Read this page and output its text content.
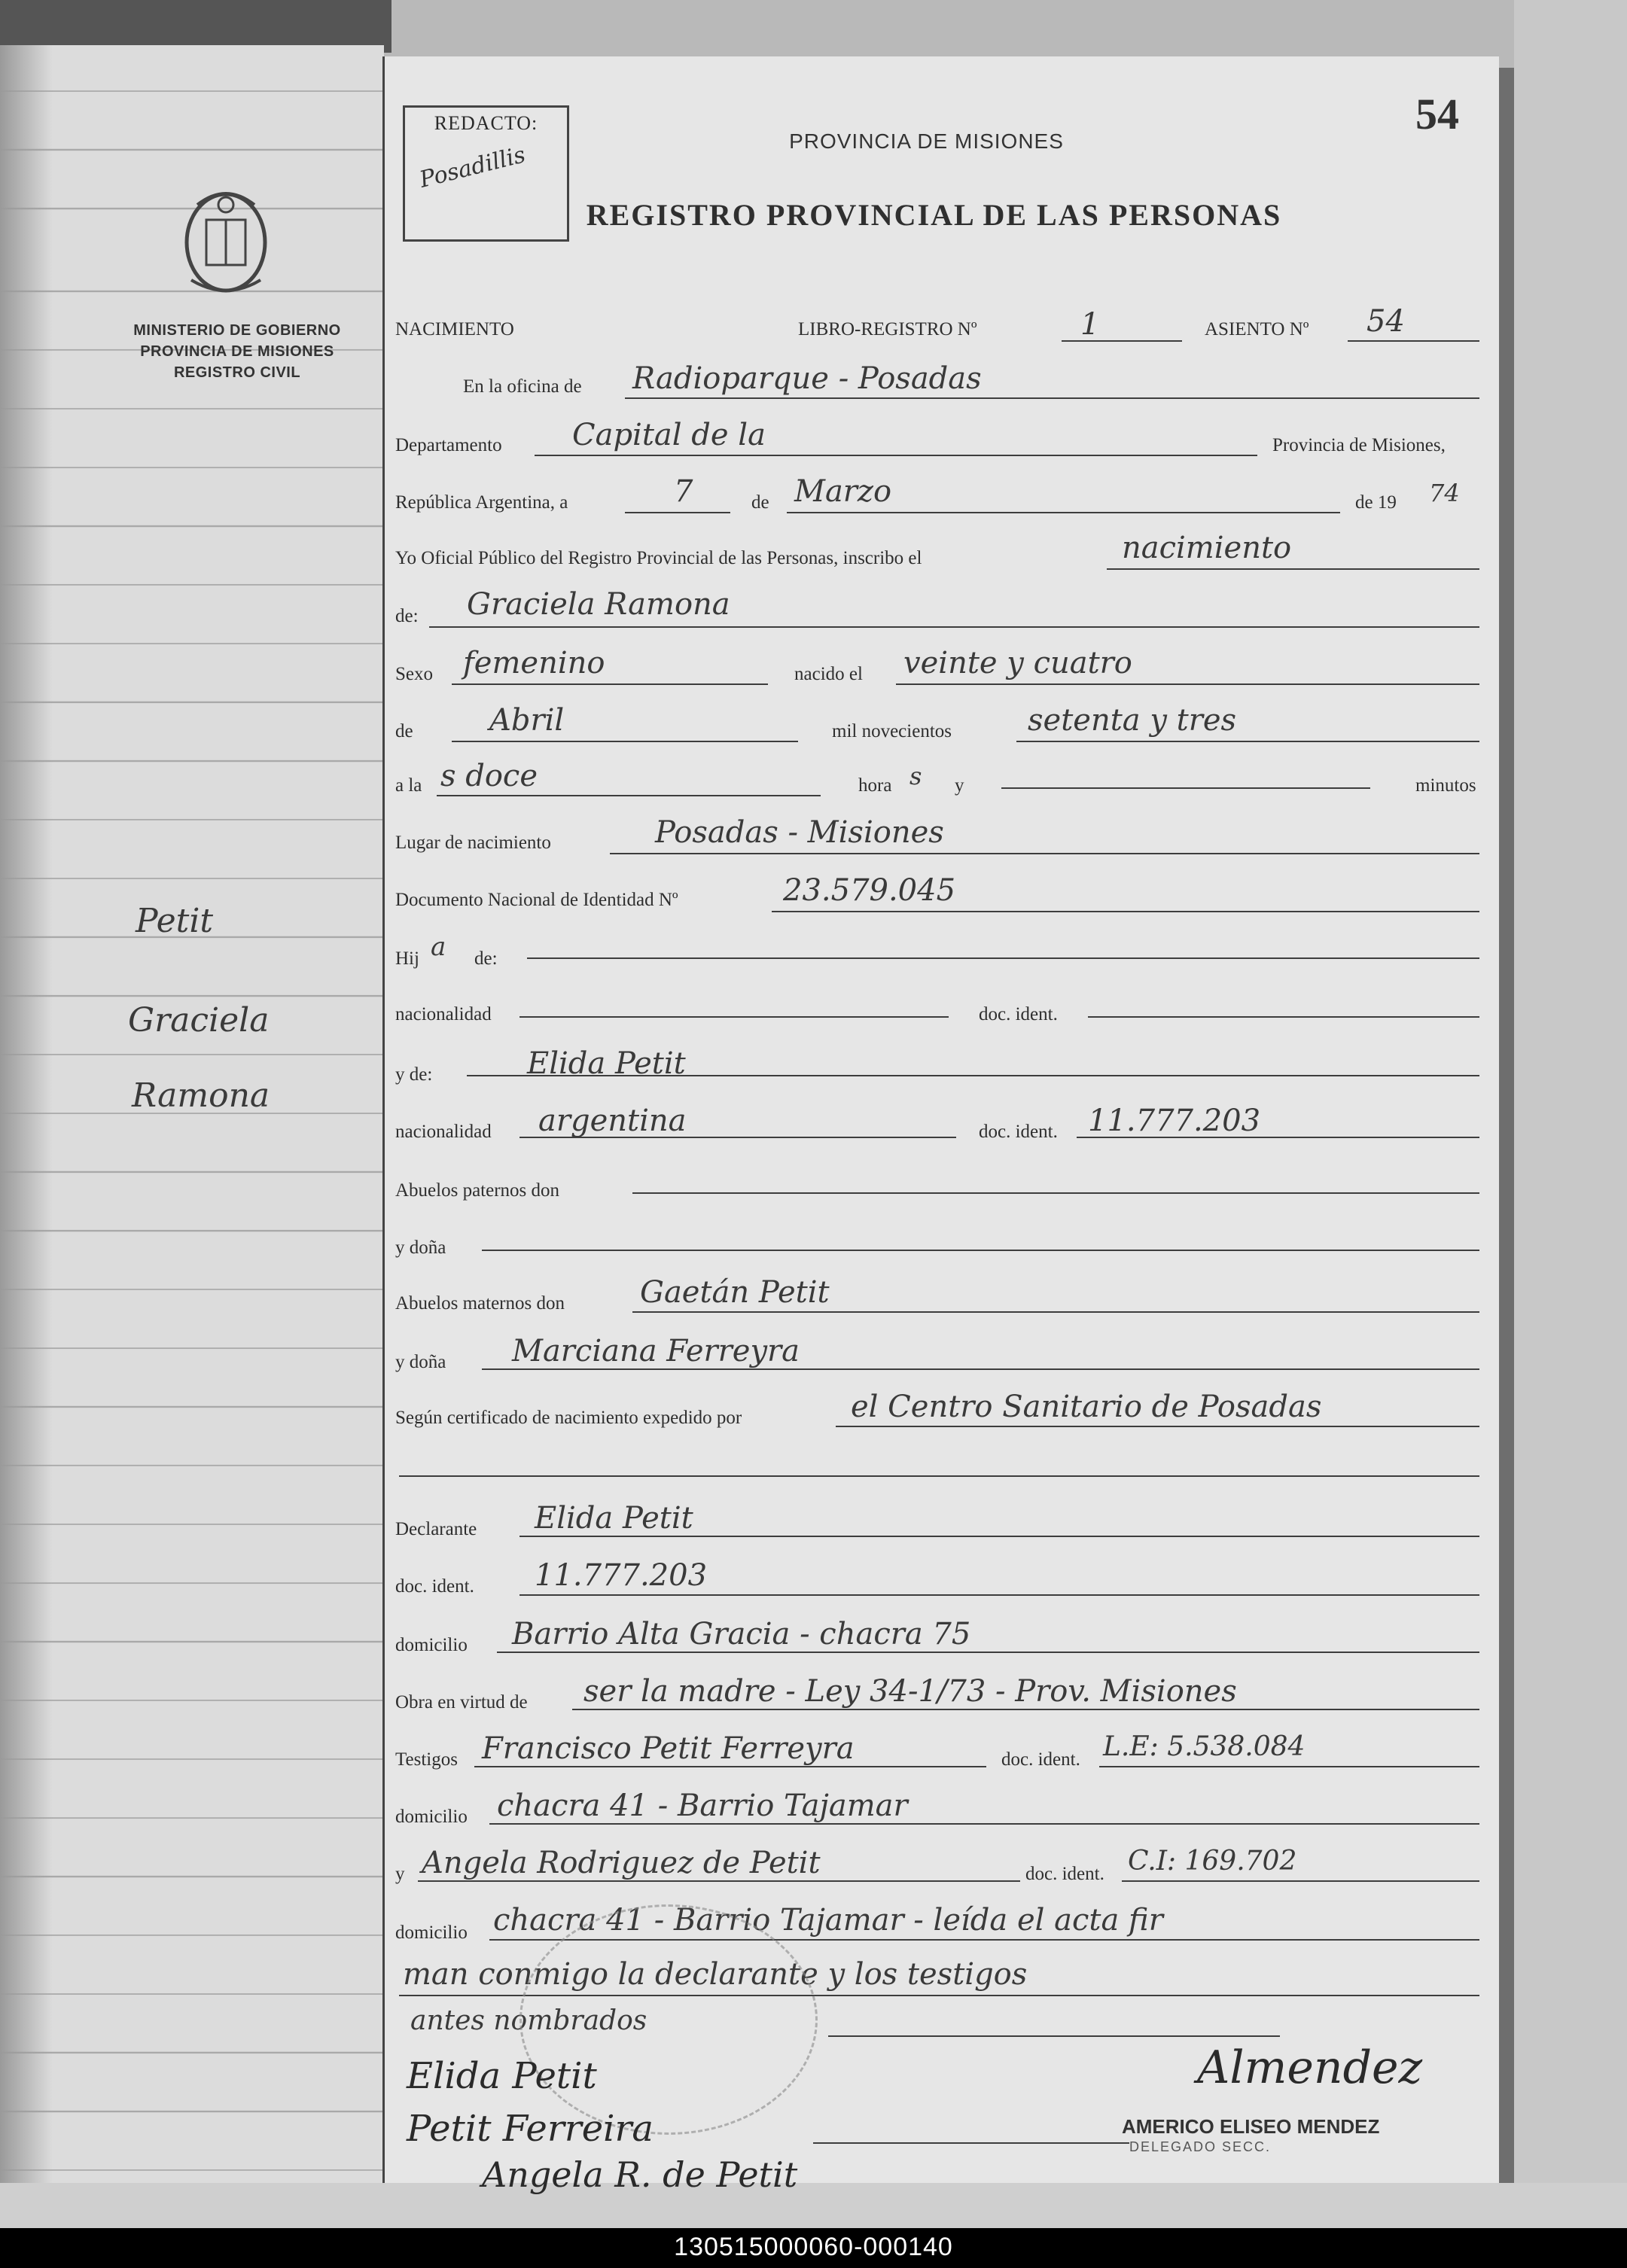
MINISTERIO DE GOBIERNO
PROVINCIA DE MISIONES
REGISTRO CIVIL
Petit
Graciela
Ramona
REDACTO:
Posadillis
54
PROVINCIA DE MISIONES
REGISTRO PROVINCIAL DE LAS PERSONAS
NACIMIENTO	LIBRO-REGISTRO Nº	1	ASIENTO Nº 54
En la oficina de Radioparque - Posadas
Departamento Capital de la	Provincia de Misiones,
República Argentina, a	7	de Marzo	de 19 74
Yo Oficial Público del Registro Provincial de las Personas, inscribo el	nacimiento
de: Graciela Ramona
Sexo femenino	nacido el veinte y cuatro
de	Abril	mil novecientos	setenta y tres
a la s doce	hora s y	minutos
Lugar de nacimiento	Posadas - Misiones
Documento Nacional de Identidad Nº	23.579.045
Hij a de:
nacionalidad	doc. ident.
y de:	Elida Petit
nacionalidad argentina	doc. ident. 11.777.203
Abuelos paternos don
y doña
Abuelos maternos don	Gaetán Petit
y doña Marciana Ferreyra
Según certificado de nacimiento expedido por	el Centro Sanitario de Posadas
Declarante Elida Petit
doc. ident. 11.777.203
domicilio Barrio Alta Gracia - chacra 75
Obra en virtud de ser la madre - Ley 34-1/73 - Prov. Misiones
Testigos Francisco Petit Ferreyra	doc. ident. L.E: 5.538.084
domicilio chacra 41 - Barrio Tajamar
y Angela Rodriguez de Petit	doc. ident. C.I: 169.702
domicilio chacra 41 - Barrio Tajamar - leída el acta fir
man conmigo la declarante y los testigos
antes nombrados
Elida Petit
Petit Ferreira
Angela R. de Petit
Almendez
AMERICO ELISEO MENDEZ
DELEGADO SECC.
130515000060-000140
